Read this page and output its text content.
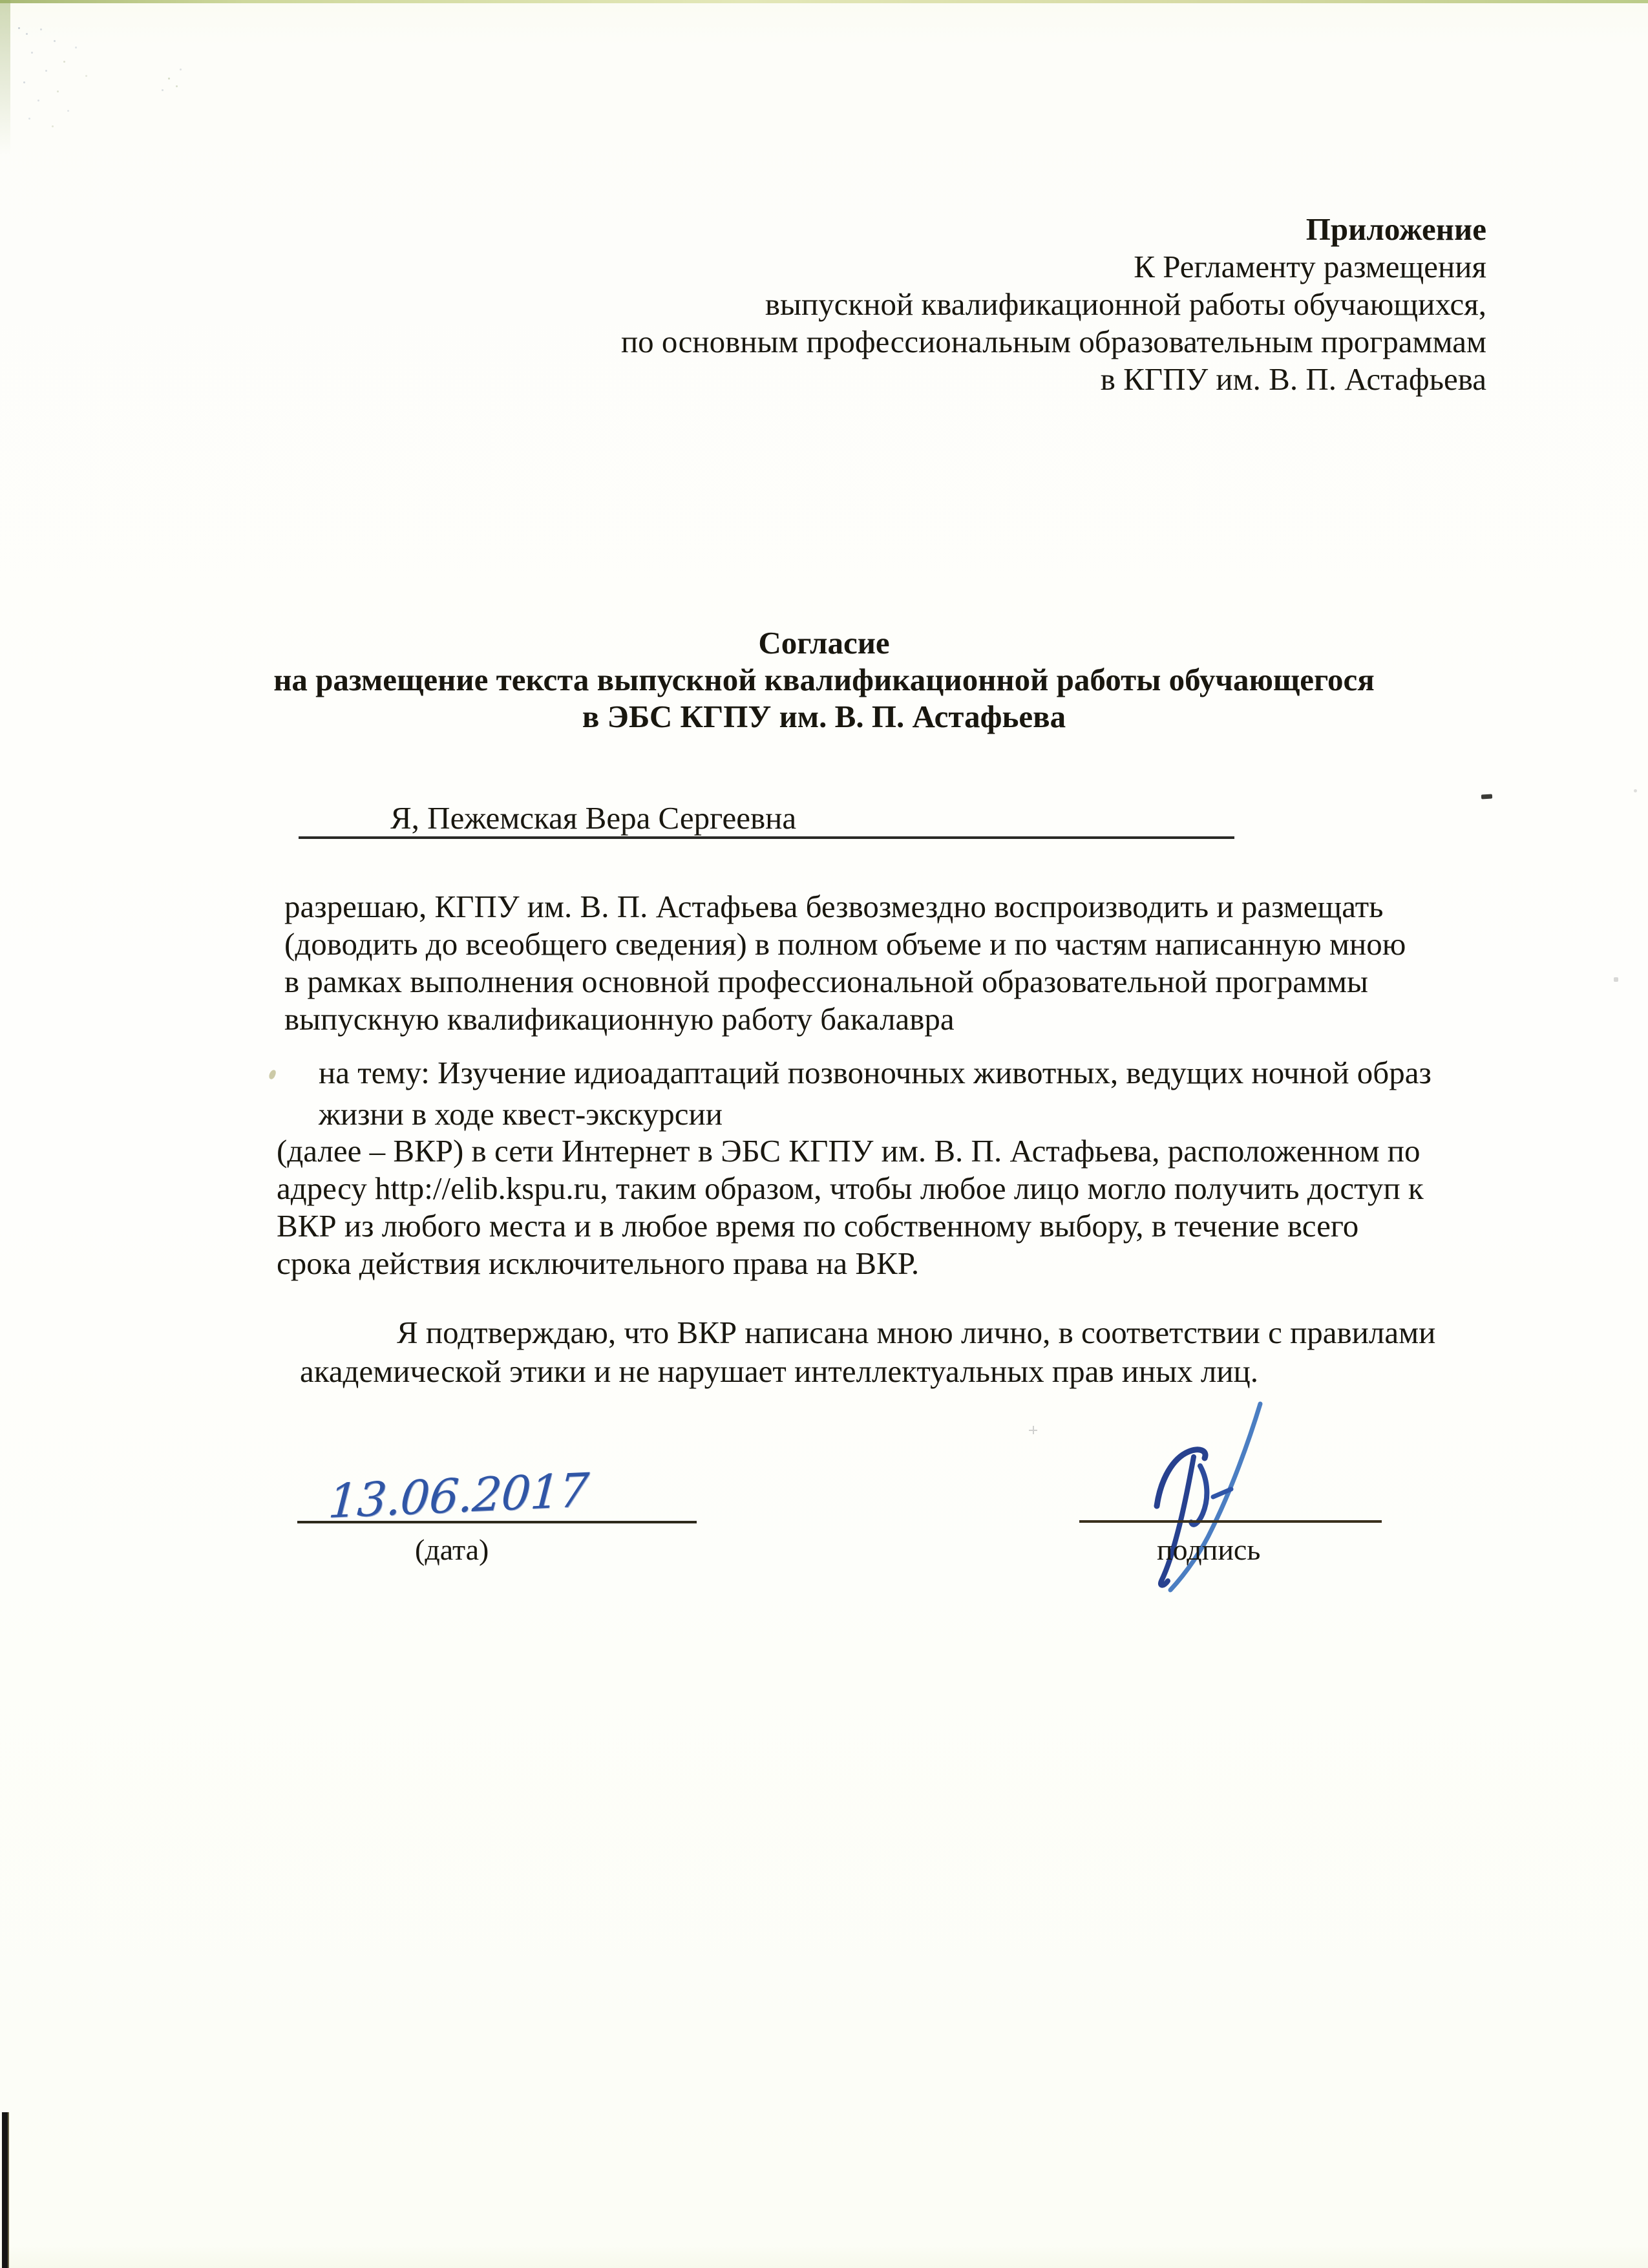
Приложение
К Регламенту размещения
выпускной квалификационной работы обучающихся,
по основным профессиональным образовательным программам
в КГПУ им. В. П. Астафьева
Согласие
на размещение текста выпускной квалификационной работы обучающегося
в ЭБС КГПУ им. В. П. Астафьева
Я, Пежемская Вера Сергеевна
разрешаю, КГПУ им. В. П. Астафьева безвозмездно воспроизводить и размещать
(доводить до всеобщего сведения) в полном объеме и по частям написанную мною
в рамках выполнения основной профессиональной образовательной программы
выпускную квалификационную работу бакалавра
на тему: Изучение идиоадаптаций позвоночных животных, ведущих ночной образ
жизни в ходе квест-экскурсии
(далее – ВКР) в сети Интернет в ЭБС КГПУ им. В. П. Астафьева, расположенном по
адресу http://elib.kspu.ru, таким образом, чтобы любое лицо могло получить доступ к
ВКР из любого места и в любое время по собственному выбору, в течение всего
срока действия исключительного права на ВКР.
Я подтверждаю, что ВКР написана мною лично, в соответствии с правилами
академической этики и не нарушает интеллектуальных прав иных лиц.
13.06.2017
(дата)	подпись
